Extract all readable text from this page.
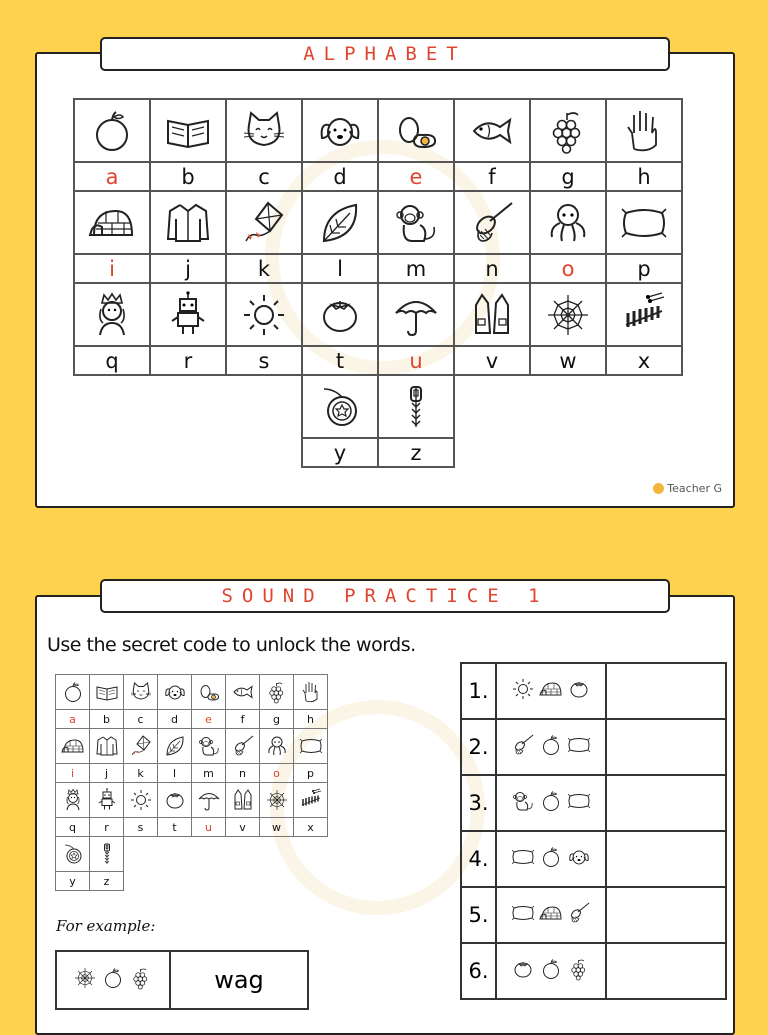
ALPHABET

a	b	c	d	e	f	g	h

i	j	k	l	m	n	o	p

q	r	s	t	u	v	w	x

			y	z			
Teacher G
SOUND PRACTICE 1
Use the secret code to unlock the words.

a	b	c	d	e	f	g	h

i	j	k	l	m	n	o	p

q	r	s	t	u	v	w	x

y	z						
For example:
	wag
1.	

2.	

3.	

4.	

5.	

6.	
